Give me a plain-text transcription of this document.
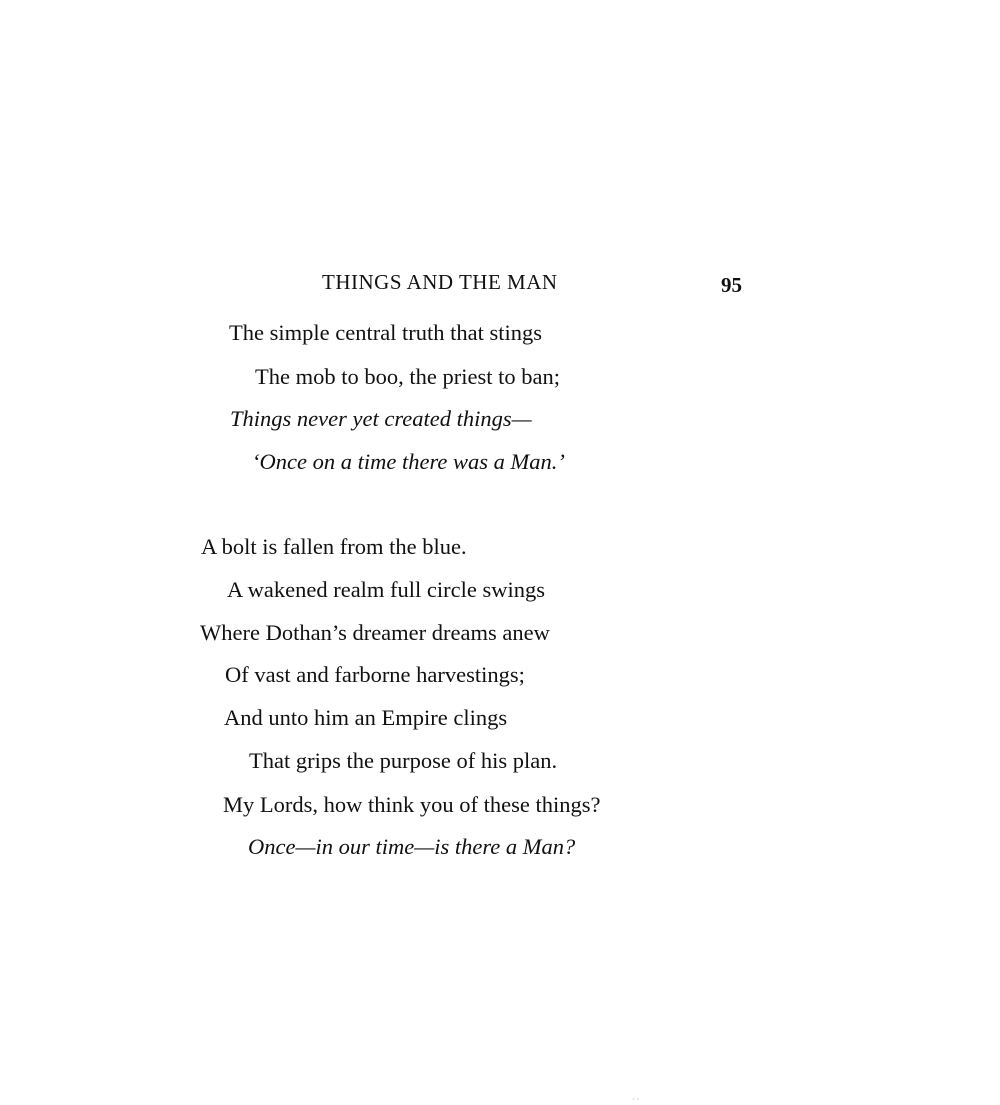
THINGS AND THE MAN	95
The simple central truth that stings
The mob to boo, the priest to ban;
Things never yet created things—
‘Once on a time there was a Man.’
A bolt is fallen from the blue.
A wakened realm full circle swings
Where Dothan’s dreamer dreams anew
Of vast and farborne harvestings;
And unto him an Empire clings
That grips the purpose of his plan.
My Lords, how think you of these things?
Once—in our time—is there a Man?
··
